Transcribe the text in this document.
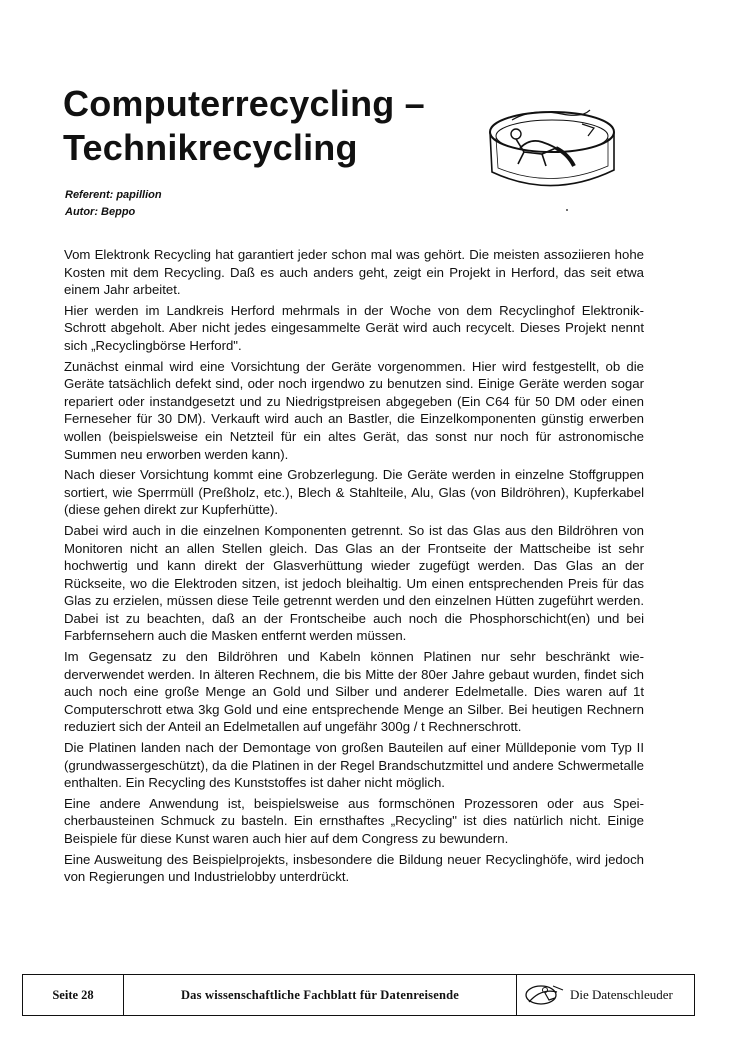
Computerrecycling –
Technikrecycling
Referent: papillion
Autor: Beppo

Vom Elektronk Recycling hat garantiert jeder schon mal was gehört. Die meisten assoziieren hohe Kosten mit dem Recycling. Daß es auch anders geht, zeigt ein Projekt in Herford, das seit etwa einem Jahr arbeitet.

Hier werden im Landkreis Herford mehrmals in der Woche von dem Recyclinghof Elektronik-Schrott abgeholt. Aber nicht jedes eingesammelte Gerät wird auch recycelt. Dieses Projekt nennt sich „Recyclingbörse Herford".

Zunächst einmal wird eine Vorsichtung der Geräte vorgenommen. Hier wird festgestellt, ob die Geräte tatsächlich defekt sind, oder noch irgendwo zu benutzen sind. Einige Geräte werden sogar repariert oder instandgesetzt und zu Niedrigstpreisen abgegeben (Ein C64 für 50 DM oder einen Ferneseher für 30 DM). Verkauft wird auch an Bastler, die Einzelkomponenten günstig erwerben wollen (beispielsweise ein Netzteil für ein altes Gerät, das sonst nur noch für astronomische Summen neu erworben werden kann).

Nach dieser Vorsichtung kommt eine Grobzerlegung. Die Geräte werden in einzelne Stoffgruppen sortiert, wie Sperrmüll (Preßholz, etc.), Blech & Stahlteile, Alu, Glas (von Bildröhren), Kupferkabel (diese gehen direkt zur Kupferhütte).

Dabei wird auch in die einzelnen Komponenten getrennt. So ist das Glas aus den Bildröhren von Monitoren nicht an allen Stellen gleich. Das Glas an der Frontseite der Mattscheibe ist sehr hochwertig und kann direkt der Glasverhüttung wieder zugefügt werden. Das Glas an der Rückseite, wo die Elektroden sitzen, ist jedoch bleihaltig. Um einen entsprechenden Preis für das Glas zu erzielen, müssen diese Teile getrennt werden und den einzelnen Hütten zugeführt werden. Dabei ist zu beachten, daß an der Frontscheibe auch noch die Phosphorschicht(en) und bei Farbfernsehern auch die Masken entfernt werden müssen.

Im Gegensatz zu den Bildröhren und Kabeln können Platinen nur sehr beschränkt wiederverwendet werden. In älteren Rechnem, die bis Mitte der 80er Jahre gebaut wurden, findet sich auch noch eine große Menge an Gold und Silber und anderer Edelmetalle. Dies waren auf 1t Computerschrott etwa 3kg Gold und eine entsprechende Menge an Silber. Bei heutigen Rechnern reduziert sich der Anteil an Edelmetallen auf ungefähr 300g / t Rechnerschrott.

Die Platinen landen nach der Demontage von großen Bauteilen auf einer Mülldeponie vom Typ II (grundwassergeschützt), da die Platinen in der Regel Brandschutzmittel und andere Schwermetalle enthalten. Ein Recycling des Kunststoffes ist daher nicht möglich.

Eine andere Anwendung ist, beispielsweise aus formschönen Prozessoren oder aus Speicherbausteinen Schmuck zu basteln. Ein ernsthaftes „Recycling" ist dies natürlich nicht. Einige Beispiele für diese Kunst waren auch hier auf dem Congress zu bewundern.

Eine Ausweitung des Beispielprojekts, insbesondere die Bildung neuer Recyclinghöfe, wird jedoch von Regierungen und Industrielobby unterdrückt.

Seite 28	Das wissenschaftliche Fachblatt für Datenreisende	Die Datenschleuder
